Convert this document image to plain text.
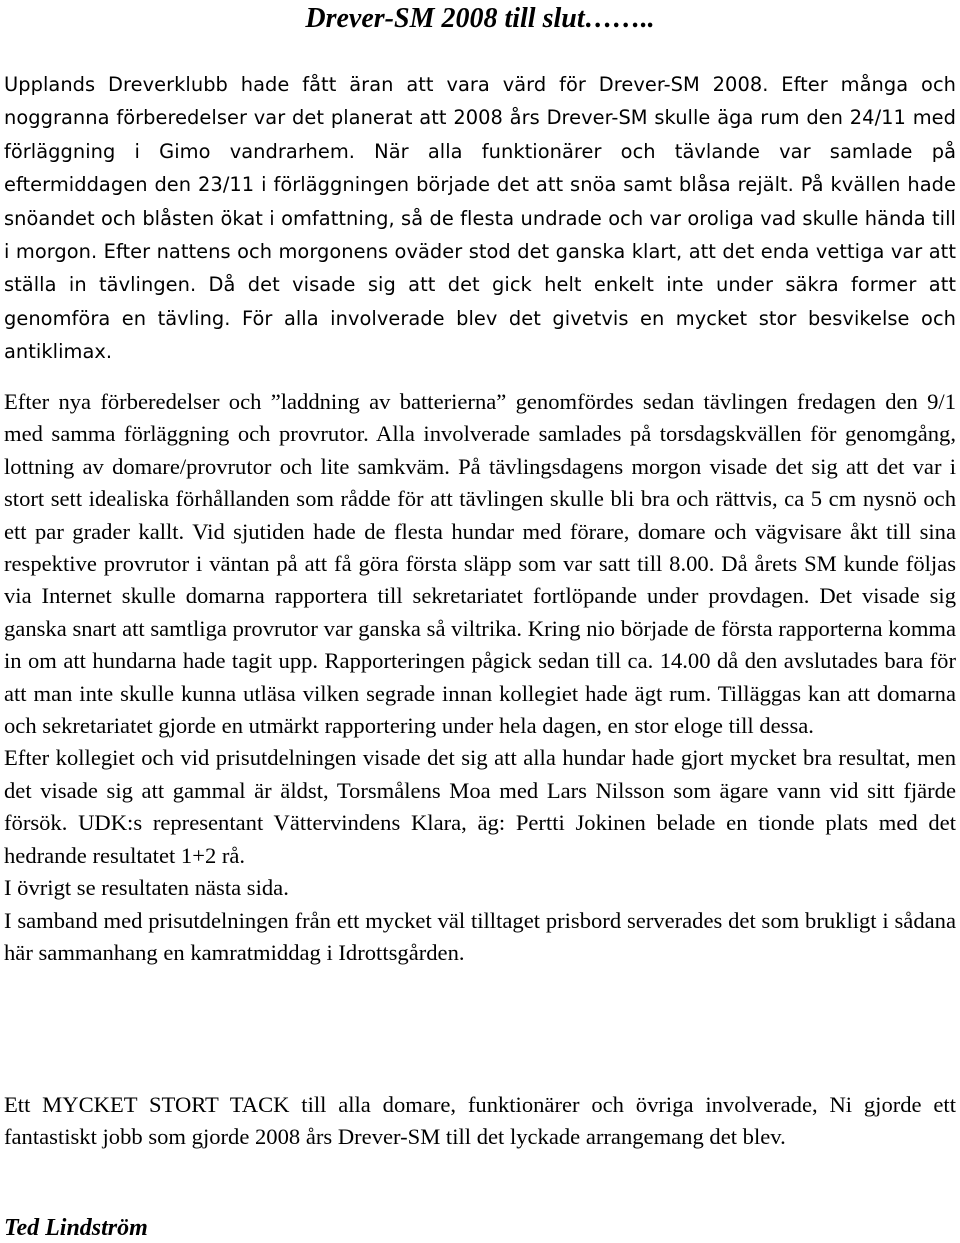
Drever-SM 2008 till slut……..

Upplands Dreverklubb hade fått äran att vara värd för Drever-SM 2008. Efter många och noggranna förberedelser var det planerat att 2008 års Drever-SM skulle äga rum den 24/11 med förläggning i Gimo vandrarhem. När alla funktionärer och tävlande var samlade på eftermiddagen den 23/11 i förläggningen började det att snöa samt blåsa rejält. På kvällen hade snöandet och blåsten ökat i omfattning, så de flesta undrade och var oroliga vad skulle hända till i morgon. Efter nattens och morgonens oväder stod det ganska klart, att det enda vettiga var att ställa in tävlingen. Då det visade sig att det gick helt enkelt inte under säkra former att genomföra en tävling. För alla involverade blev det givetvis en mycket stor besvikelse och antiklimax.

Efter nya förberedelser och ”laddning av batterierna” genomfördes sedan tävlingen fredagen den 9/1 med samma förläggning och provrutor. Alla involverade samlades på torsdagskvällen för genomgång, lottning av domare/provrutor och lite samkväm. På tävlingsdagens morgon visade det sig att det var i stort sett idealiska förhållanden som rådde för att tävlingen skulle bli bra och rättvis, ca 5 cm nysnö och ett par grader kallt. Vid sjutiden hade de flesta hundar med förare, domare och vägvisare åkt till sina respektive provrutor i väntan på att få göra första släpp som var satt till 8.00. Då årets SM kunde följas via Internet skulle domarna rapportera till sekretariatet fortlöpande under provdagen. Det visade sig ganska snart att samtliga provrutor var ganska så viltrika. Kring nio började de första rapporterna komma in om att hundarna hade tagit upp. Rapporteringen pågick sedan till ca. 14.00 då den avslutades bara för att man inte skulle kunna utläsa vilken segrade innan kollegiet hade ägt rum. Tilläggas kan att domarna och sekretariatet gjorde en utmärkt rapportering under hela dagen, en stor eloge till dessa.

Efter kollegiet och vid prisutdelningen visade det sig att alla hundar hade gjort mycket bra resultat, men det visade sig att gammal är äldst, Torsmålens Moa med Lars Nilsson som ägare vann vid sitt fjärde försök. UDK:s representant Vättervindens Klara, äg: Pertti Jokinen belade en tionde plats med det hedrande resultatet 1+2 rå.

I övrigt se resultaten nästa sida.

I samband med prisutdelningen från ett mycket väl tilltaget prisbord serverades det som brukligt i sådana här sammanhang en kamratmiddag i Idrottsgården.

Ett MYCKET STORT TACK till alla domare, funktionärer och övriga involverade, Ni gjorde ett fantastiskt jobb som gjorde 2008 års Drever-SM till det lyckade arrangemang det blev.

Ted Lindström
